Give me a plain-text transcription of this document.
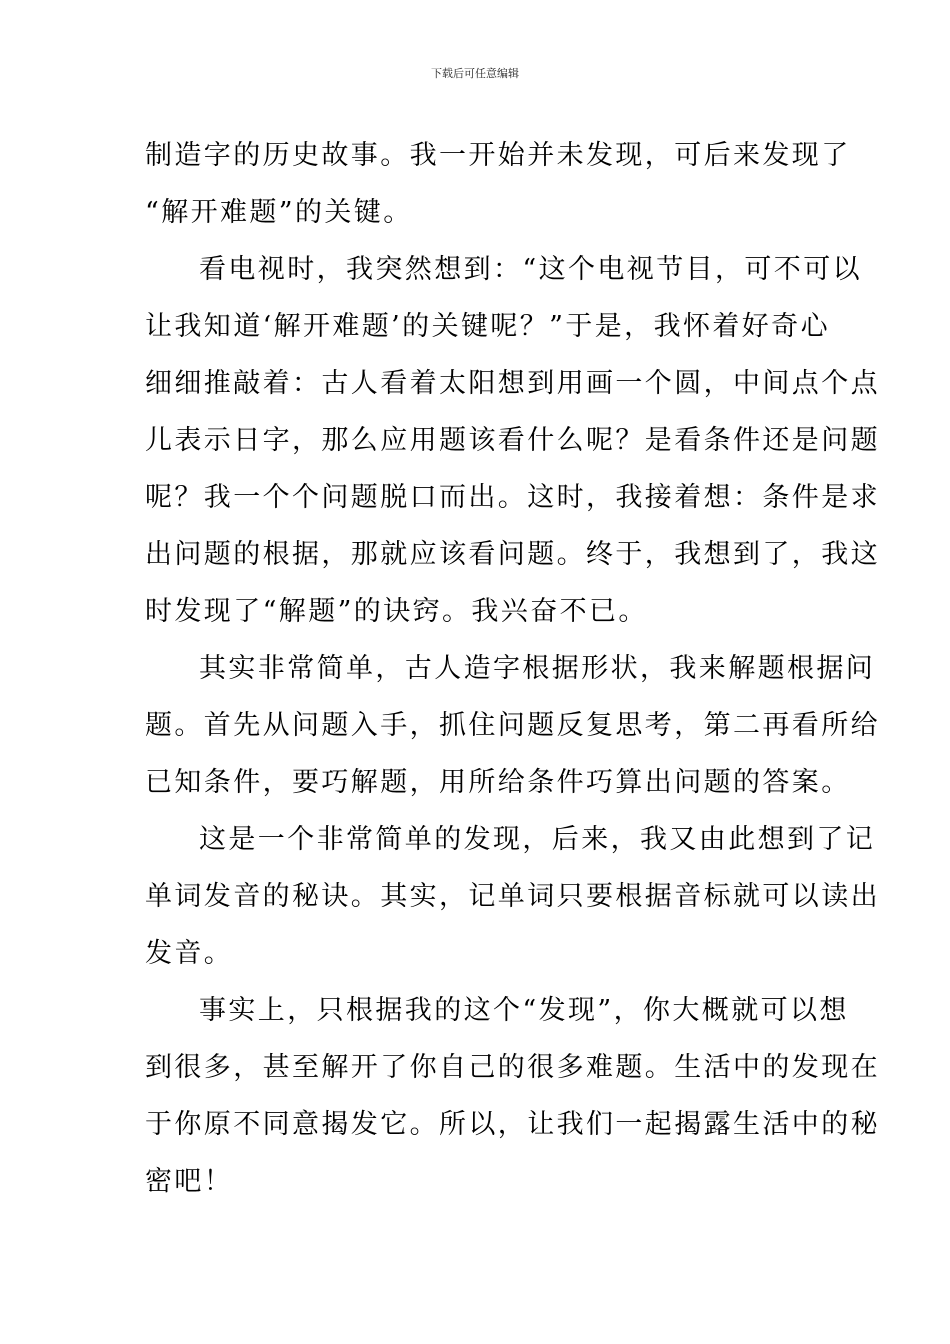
下载后可任意编辑
制造字的历史故事。我一开始并未发现，可后来发现了
“解开难题”的关键。
看电视时，我突然想到：“这个电视节目，可不可以
让我知道‘解开难题’的关键呢？”于是，我怀着好奇心
细细推敲着：古人看着太阳想到用画一个圆，中间点个点
儿表示日字，那么应用题该看什么呢？是看条件还是问题
呢？我一个个问题脱口而出。这时，我接着想：条件是求
出问题的根据，那就应该看问题。终于，我想到了，我这
时发现了“解题”的诀窍。我兴奋不已。
其实非常简单，古人造字根据形状，我来解题根据问
题。首先从问题入手，抓住问题反复思考，第二再看所给
已知条件，要巧解题，用所给条件巧算出问题的答案。
这是一个非常简单的发现，后来，我又由此想到了记
单词发音的秘诀。其实，记单词只要根据音标就可以读出
发音。
事实上，只根据我的这个“发现”，你大概就可以想
到很多，甚至解开了你自己的很多难题。生活中的发现在
于你原不同意揭发它。所以，让我们一起揭露生活中的秘
密吧！
